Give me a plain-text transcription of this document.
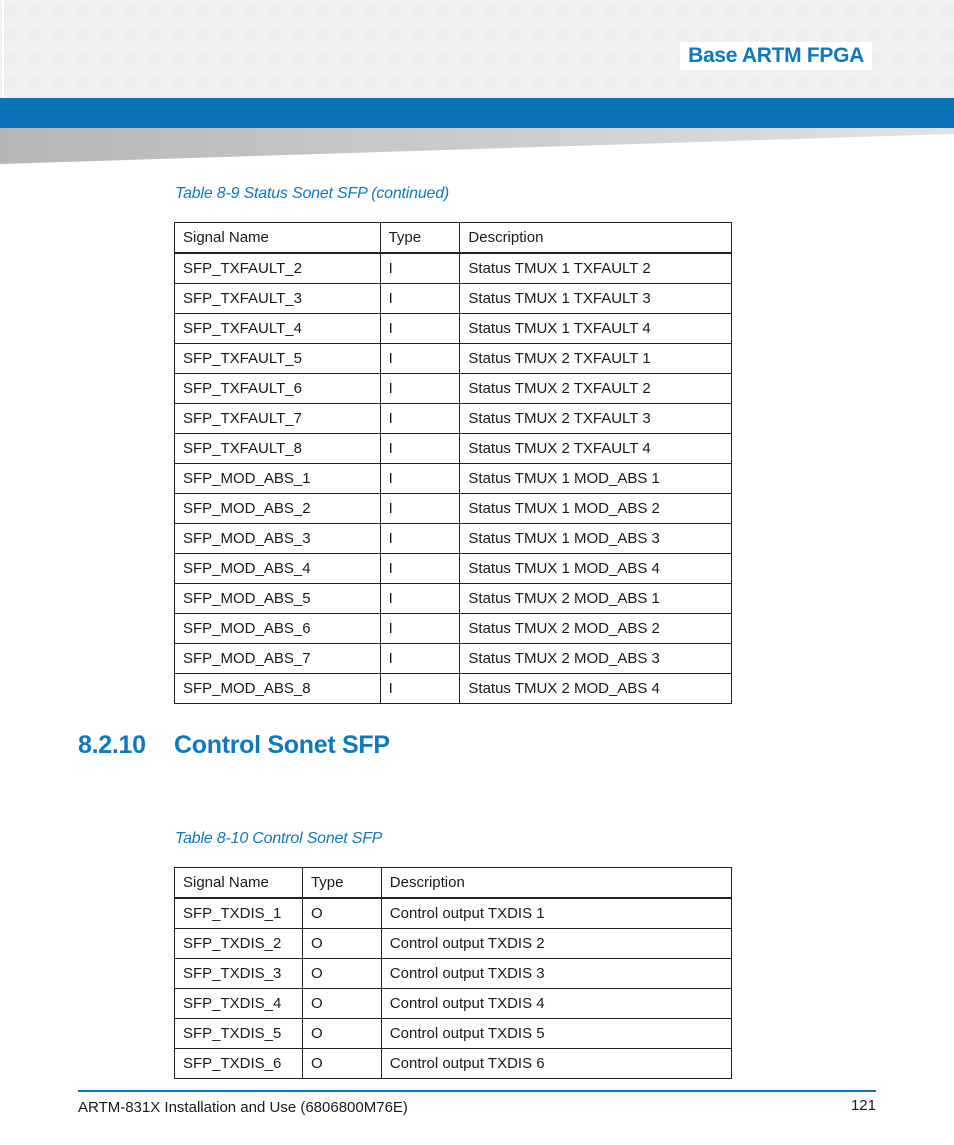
Base ARTM FPGA
Table 8-9 Status Sonet SFP (continued)
Signal Name	Type	Description
SFP_TXFAULT_2	I	Status TMUX 1 TXFAULT 2
SFP_TXFAULT_3	I	Status TMUX 1 TXFAULT 3
SFP_TXFAULT_4	I	Status TMUX 1 TXFAULT 4
SFP_TXFAULT_5	I	Status TMUX 2 TXFAULT 1
SFP_TXFAULT_6	I	Status TMUX 2 TXFAULT 2
SFP_TXFAULT_7	I	Status TMUX 2 TXFAULT 3
SFP_TXFAULT_8	I	Status TMUX 2 TXFAULT 4
SFP_MOD_ABS_1	I	Status TMUX 1 MOD_ABS 1
SFP_MOD_ABS_2	I	Status TMUX 1 MOD_ABS 2
SFP_MOD_ABS_3	I	Status TMUX 1 MOD_ABS 3
SFP_MOD_ABS_4	I	Status TMUX 1 MOD_ABS 4
SFP_MOD_ABS_5	I	Status TMUX 2 MOD_ABS 1
SFP_MOD_ABS_6	I	Status TMUX 2 MOD_ABS 2
SFP_MOD_ABS_7	I	Status TMUX 2 MOD_ABS 3
SFP_MOD_ABS_8	I	Status TMUX 2 MOD_ABS 4
8.2.10 Control Sonet SFP
Table 8-10 Control Sonet SFP
Signal Name	Type	Description
SFP_TXDIS_1	O	Control output TXDIS 1
SFP_TXDIS_2	O	Control output TXDIS 2
SFP_TXDIS_3	O	Control output TXDIS 3
SFP_TXDIS_4	O	Control output TXDIS 4
SFP_TXDIS_5	O	Control output TXDIS 5
SFP_TXDIS_6	O	Control output TXDIS 6
ARTM-831X Installation and Use (6806800M76E)	121
